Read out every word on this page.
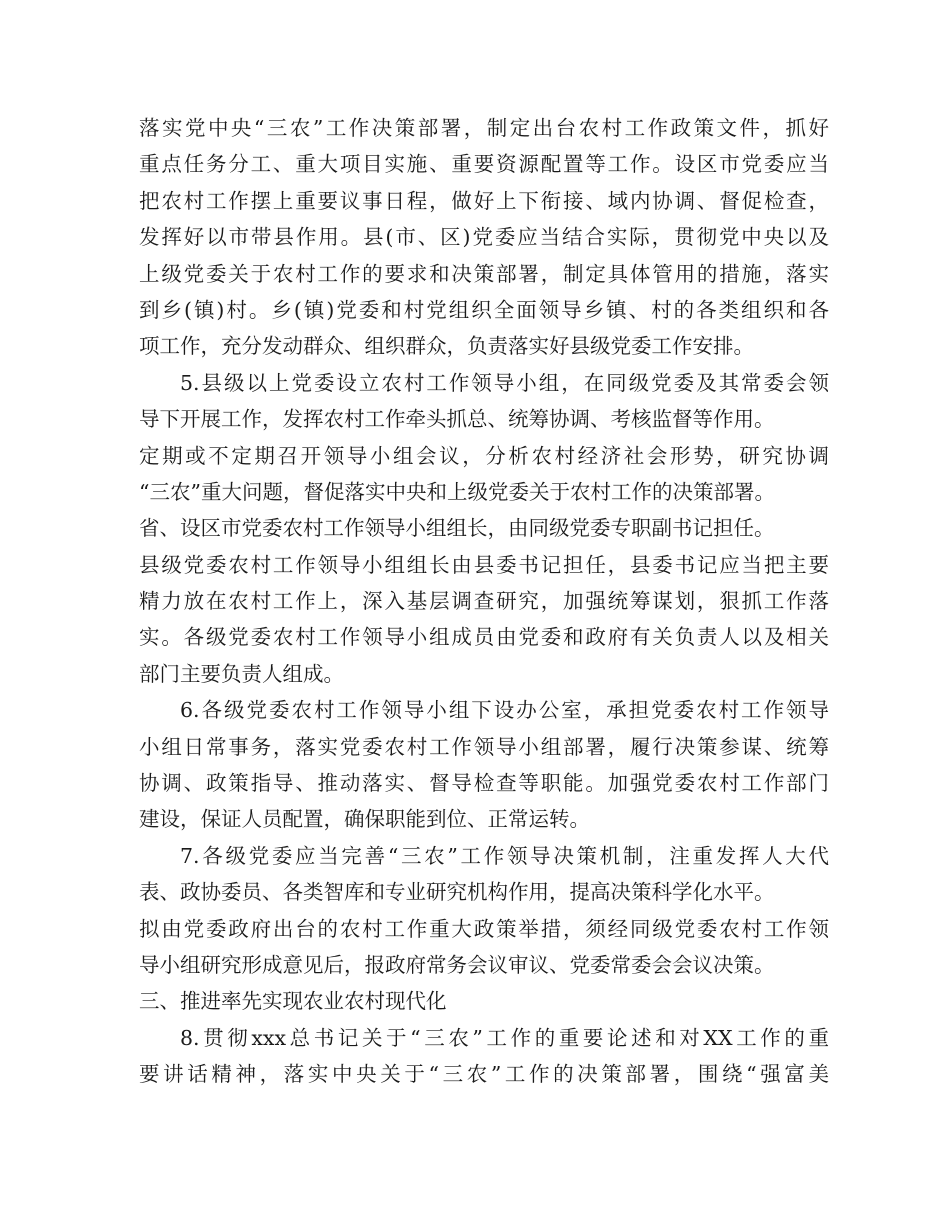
落实党中央“三农”工作决策部署，制定出台农村工作政策文件，抓好
重点任务分工、重大项目实施、重要资源配置等工作。设区市党委应当
把农村工作摆上重要议事日程，做好上下衔接、域内协调、督促检查，
发挥好以市带县作用。县(市、区)党委应当结合实际，贯彻党中央以及
上级党委关于农村工作的要求和决策部署，制定具体管用的措施，落实
到乡(镇)村。乡(镇)党委和村党组织全面领导乡镇、村的各类组织和各
项工作，充分发动群众、组织群众，负责落实好县级党委工作安排。
5.县级以上党委设立农村工作领导小组，在同级党委及其常委会领
导下开展工作，发挥农村工作牵头抓总、统筹协调、考核监督等作用。
定期或不定期召开领导小组会议，分析农村经济社会形势，研究协调
“三农”重大问题，督促落实中央和上级党委关于农村工作的决策部署。
省、设区市党委农村工作领导小组组长，由同级党委专职副书记担任。
县级党委农村工作领导小组组长由县委书记担任，县委书记应当把主要
精力放在农村工作上，深入基层调查研究，加强统筹谋划，狠抓工作落
实。各级党委农村工作领导小组成员由党委和政府有关负责人以及相关
部门主要负责人组成。
6.各级党委农村工作领导小组下设办公室，承担党委农村工作领导
小组日常事务，落实党委农村工作领导小组部署，履行决策参谋、统筹
协调、政策指导、推动落实、督导检查等职能。加强党委农村工作部门
建设，保证人员配置，确保职能到位、正常运转。
7.各级党委应当完善“三农”工作领导决策机制，注重发挥人大代
表、政协委员、各类智库和专业研究机构作用，提高决策科学化水平。
拟由党委政府出台的农村工作重大政策举措，须经同级党委农村工作领
导小组研究形成意见后，报政府常务会议审议、党委常委会会议决策。
三、推进率先实现农业农村现代化
8.贯彻xxx总书记关于“三农”工作的重要论述和对XX工作的重
要讲话精神，落实中央关于“三农”工作的决策部署，围绕“强富美
